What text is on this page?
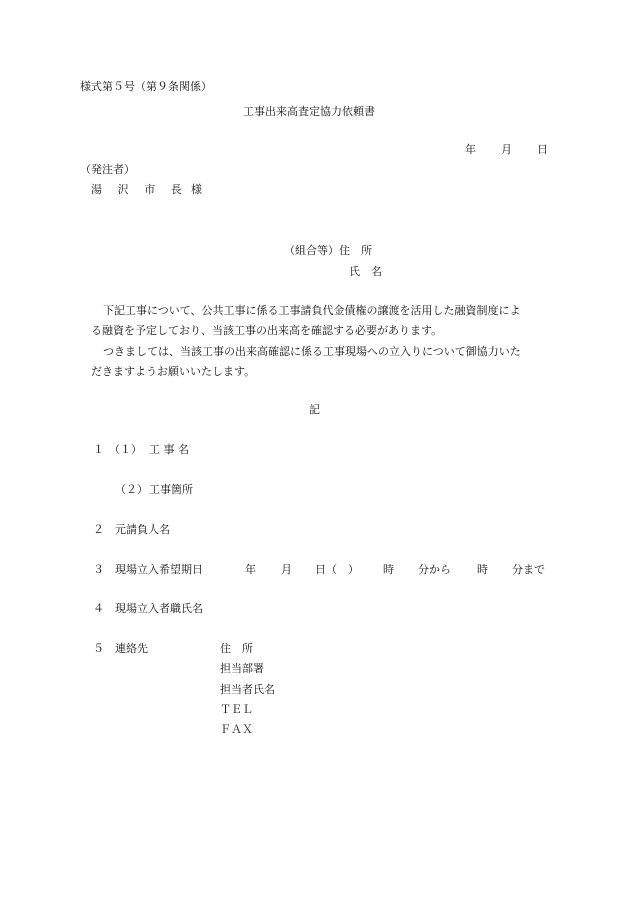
様式第５号（第９条関係）
工事出来高査定協力依頼書
年 月 日
（発注者）
湯 沢 市 長 様
（組合等）住　所
氏　名
下記工事について、公共工事に係る工事請負代金債権の譲渡を活用した融資制度によ
る融資を予定しており、当該工事の出来高を確認する必要があります。
つきましては、当該工事の出来高確認に係る工事現場への立入りについて御協力いた
だきますようお願いいたします。
記
１ （１） 工 事 名
（２） 工事箇所
２ 元請負人名
３ 現場立入希望期日	年 月 日（　） 時 分から 時 分まで
４ 現場立入者職氏名
５ 連絡先	住　所
担当部署
担当者氏名
ＴＥＬ
ＦＡＸ
